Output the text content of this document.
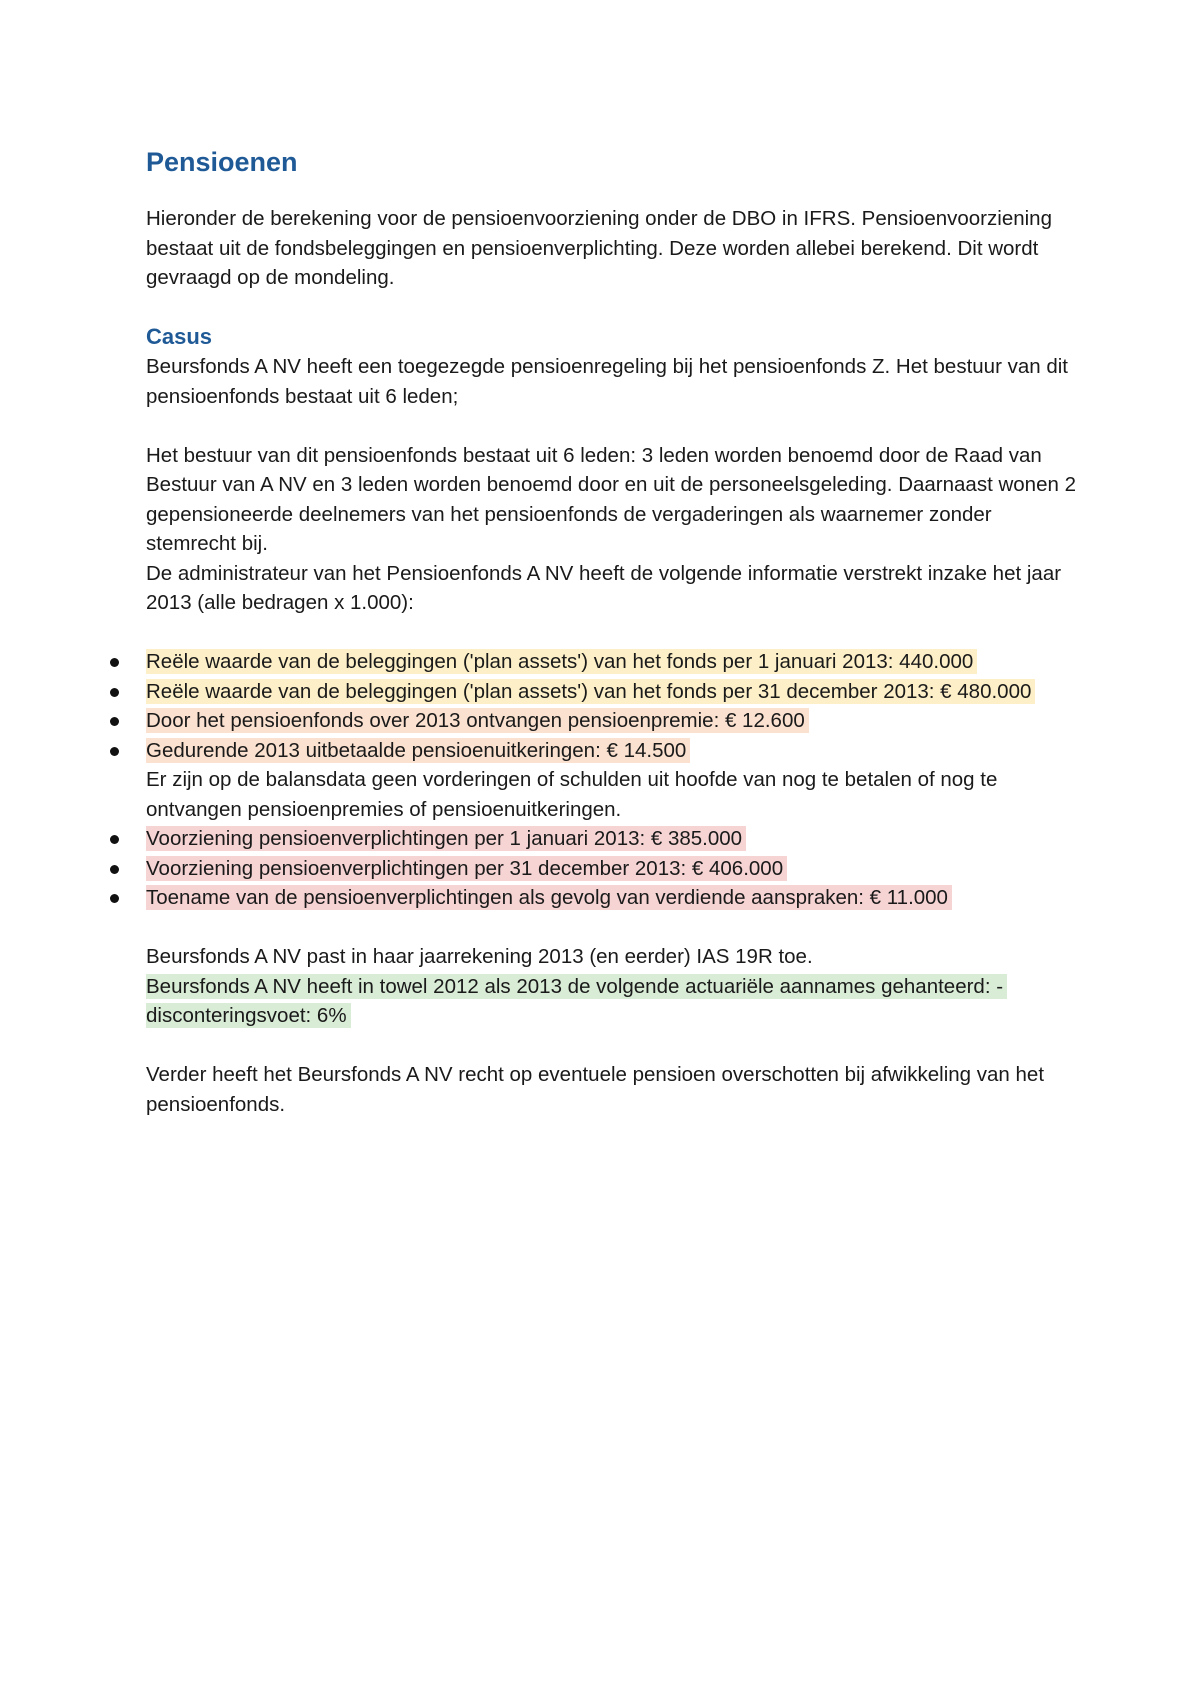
Pensioenen

Hieronder de berekening voor de pensioenvoorziening onder de DBO in IFRS. Pensioenvoorziening bestaat uit de fondsbeleggingen en pensioenverplichting. Deze worden allebei berekend. Dit wordt gevraagd op de mondeling.

Casus

Beursfonds A NV heeft een toegezegde pensioenregeling bij het pensioenfonds Z. Het bestuur van dit pensioenfonds bestaat uit 6 leden;

Het bestuur van dit pensioenfonds bestaat uit 6 leden: 3 leden worden benoemd door de Raad van Bestuur van A NV en 3 leden worden benoemd door en uit de personeelsgeleding. Daarnaast wonen 2 gepensioneerde deelnemers van het pensioenfonds de vergaderingen als waarnemer zonder stemrecht bij.

De administrateur van het Pensioenfonds A NV heeft de volgende informatie verstrekt inzake het jaar 2013 (alle bedragen x 1.000):

Reële waarde van de beleggingen ('plan assets') van het fonds per 1 januari 2013: 440.000
Reële waarde van de beleggingen ('plan assets') van het fonds per 31 december 2013: € 480.000
Door het pensioenfonds over 2013 ontvangen pensioenpremie: € 12.600
Gedurende 2013 uitbetaalde pensioenuitkeringen: € 14.500
Er zijn op de balansdata geen vorderingen of schulden uit hoofde van nog te betalen of nog te ontvangen pensioenpremies of pensioenuitkeringen.
Voorziening pensioenverplichtingen per 1 januari 2013: € 385.000
Voorziening pensioenverplichtingen per 31 december 2013: € 406.000
Toename van de pensioenverplichtingen als gevolg van verdiende aanspraken: € 11.000

Beursfonds A NV past in haar jaarrekening 2013 (en eerder) IAS 19R toe.

Beursfonds A NV heeft in towel 2012 als 2013 de volgende actuariële aannames gehanteerd: - disconteringsvoet: 6%

Verder heeft het Beursfonds A NV recht op eventuele pensioen overschotten bij afwikkeling van het pensioenfonds.
